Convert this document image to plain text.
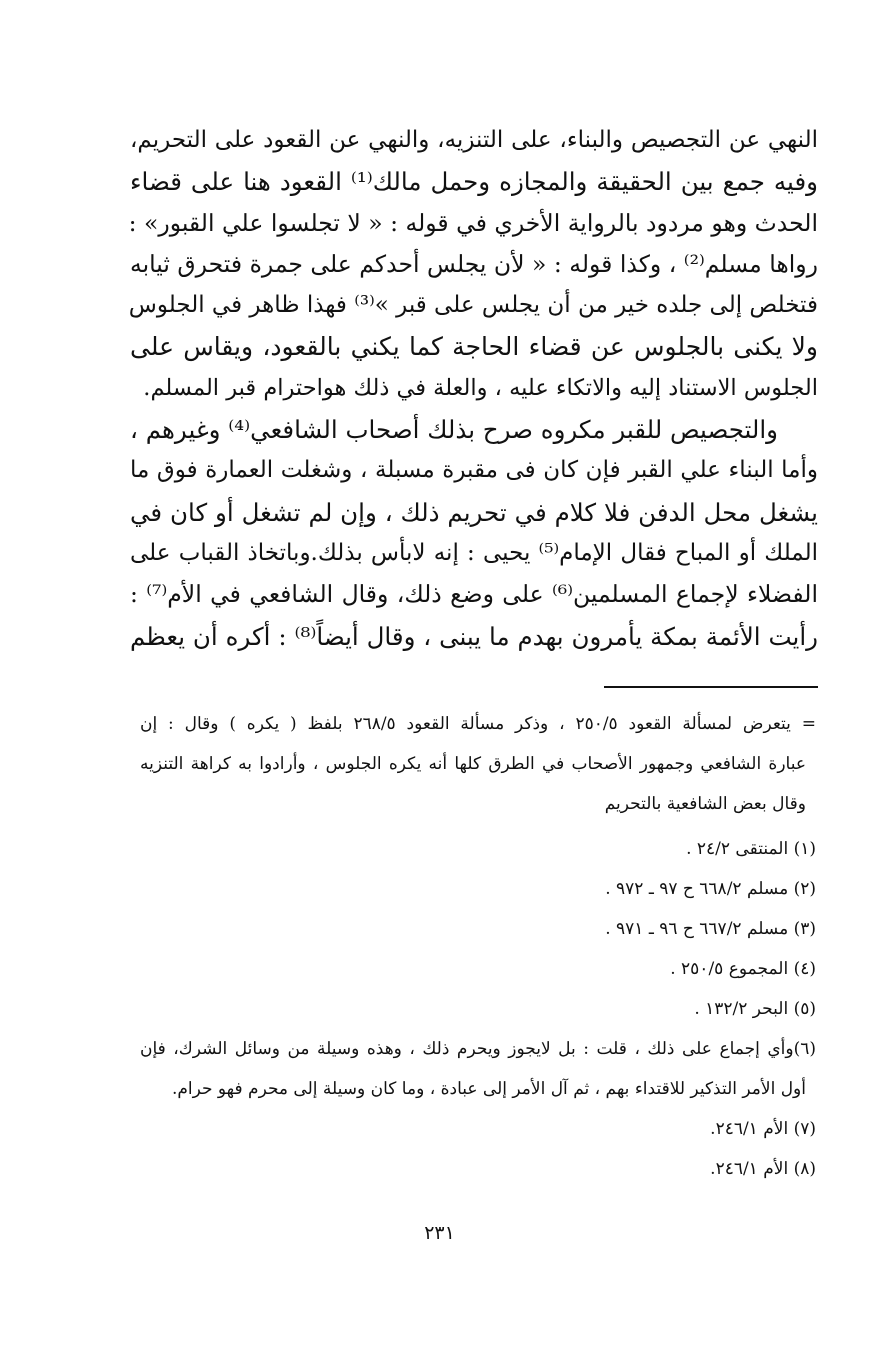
النهي عن التجصيص والبناء، على التنزيه، والنهي عن القعود على التحريم،

وفيه جمع بين الحقيقة والمجازه وحمل مالك⁽¹⁾ القعود هنا على قضاء

الحدث وهو مردود بالرواية الأخري في قوله : « لا تجلسوا علي القبور» :

رواها مسلم⁽²⁾ ، وكذا قوله : « لأن يجلس أحدكم على جمرة فتحرق ثيابه

فتخلص إلى جلده خير من أن يجلس على قبر »⁽³⁾ فهذا ظاهر في الجلوس

ولا يكنى بالجلوس عن قضاء الحاجة كما يكني بالقعود، ويقاس على

الجلوس الاستناد إليه والاتكاء عليه ، والعلة في ذلك هواحترام قبر المسلم.

والتجصيص للقبر مكروه صرح بذلك أصحاب الشافعي⁽⁴⁾ وغيرهم ،

وأما البناء علي القبر فإن كان فى مقبرة مسبلة ، وشغلت العمارة فوق ما

يشغل محل الدفن فلا كلام في تحريم ذلك ، وإن لم تشغل أو كان في

الملك أو المباح فقال الإمام⁽⁵⁾ يحيى : إنه لابأس بذلك.وباتخاذ القباب على

الفضلاء لإجماع المسلمين⁽⁶⁾ على وضع ذلك، وقال الشافعي في الأم⁽⁷⁾ :

رأيت الأئمة بمكة يأمرون بهدم ما يبنى ، وقال أيضاً⁽⁸⁾ : أكره أن يعظم

= يتعرض لمسألة القعود ٢٥٠/٥ ، وذكر مسألة القعود ٢٦٨/٥ بلفظ ( يكره ) وقال : إن

عبارة الشافعي وجمهور الأصحاب في الطرق كلها أنه يكره الجلوس ، وأرادوا به كراهة التنزيه

وقال بعض الشافعية بالتحريم

(١) المنتقى ٢٤/٢ .

(٢) مسلم ٦٦٨/٢ ح ٩٧ ـ ٩٧٢ .

(٣) مسلم ٦٦٧/٢ ح ٩٦ ـ ٩٧١ .

(٤) المجموع ٢٥٠/٥ .

(٥) البحر ١٣٢/٢ .

(٦)وأي إجماع على ذلك ، قلت : بل لايجوز ويحرم ذلك ، وهذه وسيلة من وسائل الشرك، فإن

أول الأمر التذكير للاقتداء بهم ، ثم آل الأمر إلى عبادة ، وما كان وسيلة إلى محرم فهو حرام.

(٧) الأم ٢٤٦/١.

(٨) الأم ٢٤٦/١.

٢٣١
